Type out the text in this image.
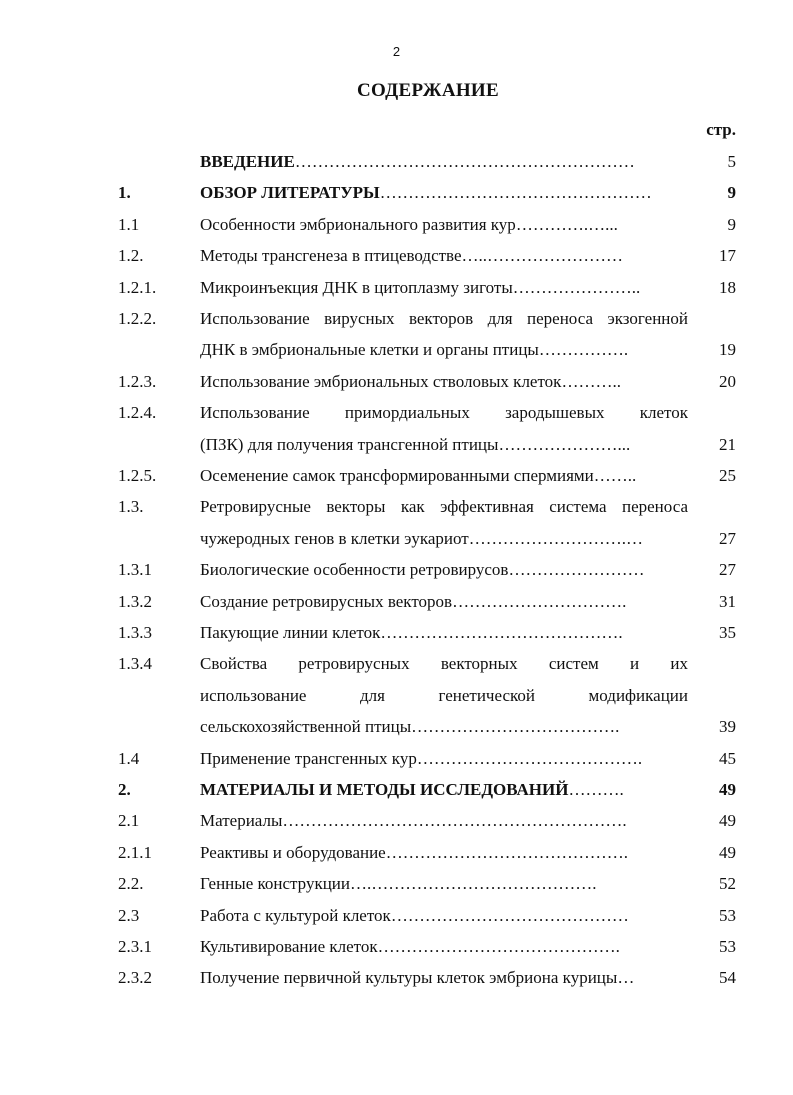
2
СОДЕРЖАНИЕ
стр.
ВВЕДЕНИЕ……………………………………………………	5
1.	ОБЗОР ЛИТЕРАТУРЫ…………………………………………	9
1.1	Особенности эмбрионального развития кур………….…...	9
1.2.	Методы трансгенеза в птицеводстве…..……………………	17
1.2.1.	Микроинъекция ДНК в цитоплазму зиготы…………………..	18
1.2.2.	Использование вирусных векторов для переноса экзогенной
ДНК в эмбриональные клетки и органы птицы…………….	19
1.2.3.	Использование эмбриональных стволовых клеток………..	20
1.2.4.	Использование примордиальных зародышевых клеток
(ПЗК) для получения трансгенной птицы…………………...	21
1.2.5.	Осеменение самок трансформированными спермиями……..	25
1.3.	Ретровирусные векторы как эффективная система переноса
чужеродных генов в клетки эукариот……………………….…	27
1.3.1	Биологические особенности ретровирусов……………………	27
1.3.2	Создание ретровирусных векторов………………………….	31
1.3.3	Пакующие линии клеток…………………………………….	35
1.3.4	Свойства ретровирусных векторных систем и их
использование для генетической модификации
сельскохозяйственной птицы……………………………….	39
1.4	Применение трансгенных кур………………………………….	45
2.	МАТЕРИАЛЫ И МЕТОДЫ ИССЛЕДОВАНИЙ……….	49
2.1	Материалы…………………………………………………….	49
2.1.1	Реактивы и оборудование…………………………………….	49
2.2.	Генные конструкции….………………………………….	52
2.3	Работа с культурой клеток……………………………………	53
2.3.1	Культивирование клеток…………………………………….	53
2.3.2	Получение первичной культуры клеток эмбриона курицы…	54
